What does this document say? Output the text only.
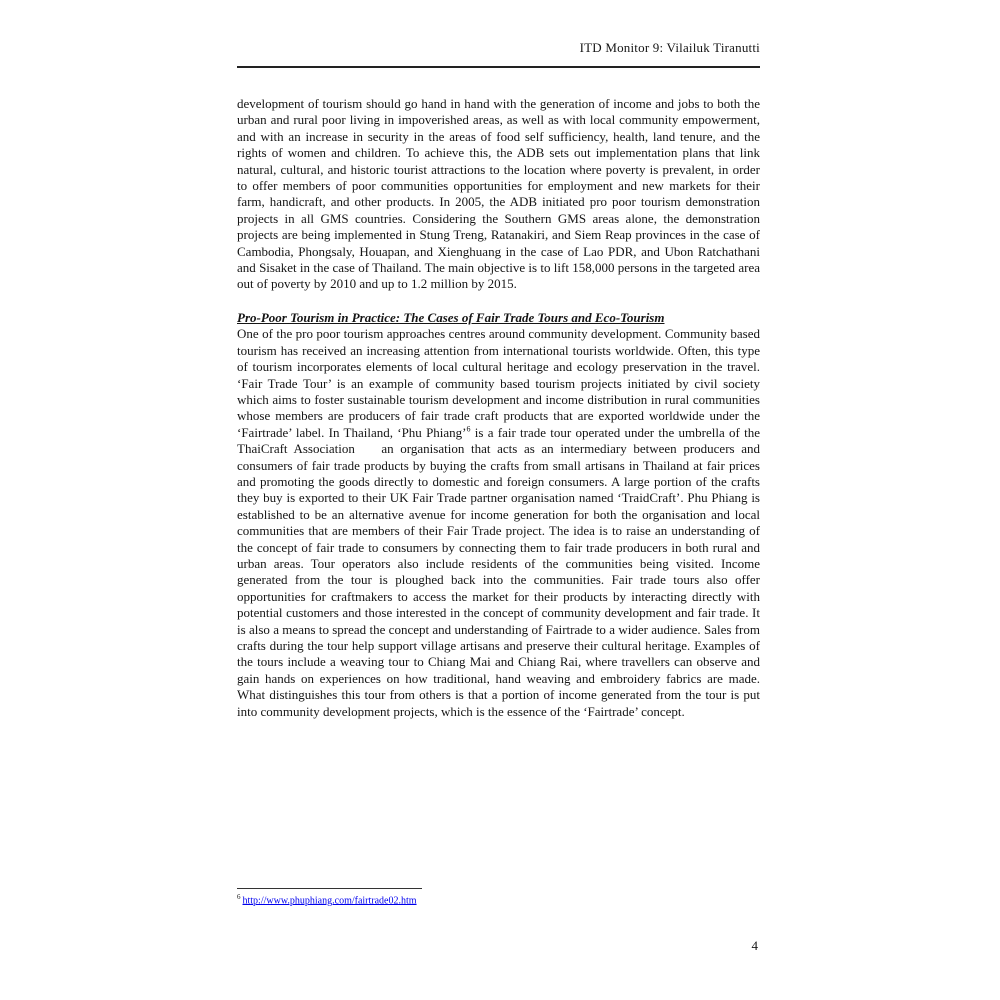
ITD Monitor 9: Vilailuk Tiranutti

development of tourism should go hand in hand with the generation of income and jobs to both the urban and rural poor living in impoverished areas, as well as with local community empowerment, and with an increase in security in the areas of food self sufficiency, health, land tenure, and the rights of women and children. To achieve this, the ADB sets out implementation plans that link natural, cultural, and historic tourist attractions to the location where poverty is prevalent, in order to offer members of poor communities opportunities for employment and new markets for their farm, handicraft, and other products. In 2005, the ADB initiated pro poor tourism demonstration projects in all GMS countries. Considering the Southern GMS areas alone, the demonstration projects are being implemented in Stung Treng, Ratanakiri, and Siem Reap provinces in the case of Cambodia, Phongsaly, Houapan, and Xienghuang in the case of Lao PDR, and Ubon Ratchathani and Sisaket in the case of Thailand. The main objective is to lift 158,000 persons in the targeted area out of poverty by 2010 and up to 1.2 million by 2015.

Pro-Poor Tourism in Practice: The Cases of Fair Trade Tours and Eco-Tourism

One of the pro poor tourism approaches centres around community development. Community based tourism has received an increasing attention from international tourists worldwide. Often, this type of tourism incorporates elements of local cultural heritage and ecology preservation in the travel. ‘Fair Trade Tour’ is an example of community based tourism projects initiated by civil society which aims to foster sustainable tourism development and income distribution in rural communities whose members are producers of fair trade craft products that are exported worldwide under the ‘Fairtrade’ label. In Thailand, ‘Phu Phiang’$^6$ is a fair trade tour operated under the umbrella of the ThaiCraft Association    an organisation that acts as an intermediary between producers and consumers of fair trade products by buying the crafts from small artisans in Thailand at fair prices and promoting the goods directly to domestic and foreign consumers. A large portion of the crafts they buy is exported to their UK Fair Trade partner organisation named ‘TraidCraft’. Phu Phiang is established to be an alternative avenue for income generation for both the organisation and local communities that are members of their Fair Trade project. The idea is to raise an understanding of the concept of fair trade to consumers by connecting them to fair trade producers in both rural and urban areas. Tour operators also include residents of the communities being visited. Income generated from the tour is ploughed back into the communities. Fair trade tours also offer opportunities for craftmakers to access the market for their products by interacting directly with potential customers and those interested in the concept of community development and fair trade. It is also a means to spread the concept and understanding of Fairtrade to a wider audience. Sales from crafts during the tour help support village artisans and preserve their cultural heritage. Examples of the tours include a weaving tour to Chiang Mai and Chiang Rai, where travellers can observe and gain hands on experiences on how traditional, hand weaving and embroidery fabrics are made. What distinguishes this tour from others is that a portion of income generated from the tour is put into community development projects, which is the essence of the ‘Fairtrade’ concept.

$^6$ http://www.phuphiang.com/fairtrade02.htm
4
